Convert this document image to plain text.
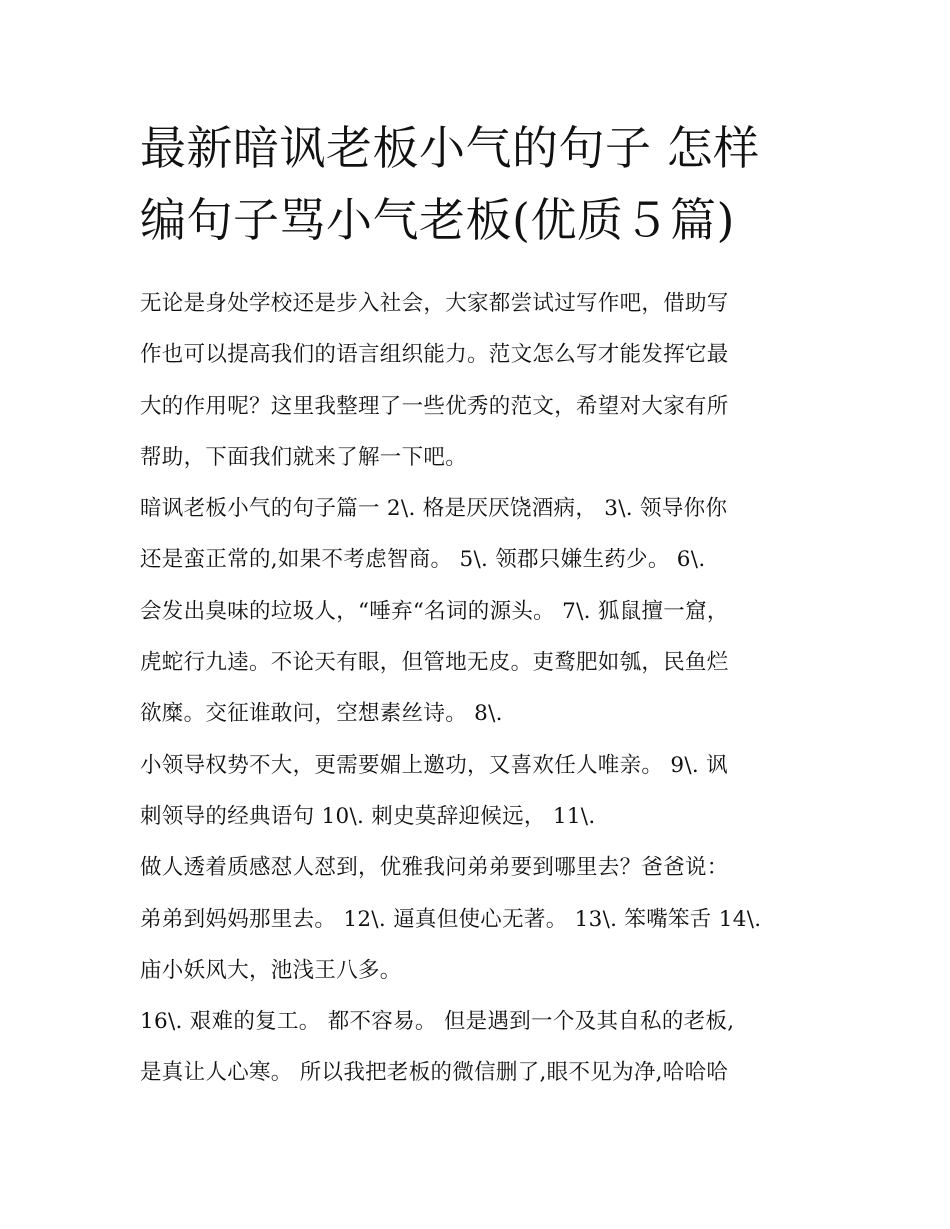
最新暗讽老板小气的句子 怎样
编句子骂小气老板(优质５篇)

无论是身处学校还是步入社会，大家都尝试过写作吧，借助写
作也可以提高我们的语言组织能力。范文怎么写才能发挥它最
大的作用呢？这里我整理了一些优秀的范文，希望对大家有所
帮助，下面我们就来了解一下吧。

暗讽老板小气的句子篇一 2\. 格是厌厌饶酒病， 3\. 领导你你
还是蛮正常的,如果不考虑智商。 5\. 领郡只嫌生药少。 6\.

会发出臭味的垃圾人，“唾弃“名词的源头。 7\. 狐鼠擅一窟，
虎蛇行九逵。不论天有眼，但管地无皮。吏鹜肥如瓠，民鱼烂
欲糜。交征谁敢问，空想素丝诗。 8\.

小领导权势不大，更需要媚上邀功，又喜欢任人唯亲。 9\. 讽
刺领导的经典语句 10\. 刺史莫辞迎候远， 11\.

做人透着质感怼人怼到，优雅我问弟弟要到哪里去？爸爸说：
弟弟到妈妈那里去。 12\. 逼真但使心无著。 13\. 笨嘴笨舌 14\.
庙小妖风大，池浅王八多。

16\. 艰难的复工。 都不容易。 但是遇到一个及其自私的老板,
是真让人心寒。 所以我把老板的微信删了,眼不见为净,哈哈哈
